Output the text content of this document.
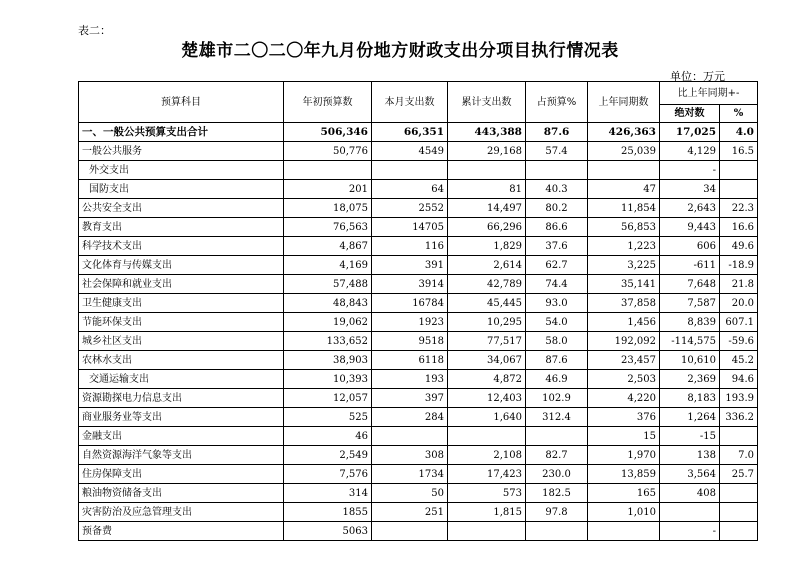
表二：
楚雄市二〇二〇年九月份地方财政支出分项目执行情况表
单位：万元
预算科目	年初预算数	本月支出数	累计支出数	占预算%	上年同期数	比上年同期+-	
						绝对数	%
一、一般公共预算支出合计	506,346	66,351	443,388	87.6	426,363	17,025	4.0
一般公共服务	50,776	4549	29,168	57.4	25,039	4,129	16.5
外交支出						-	
国防支出	201	64	81	40.3	47	34	
公共安全支出	18,075	2552	14,497	80.2	11,854	2,643	22.3
教育支出	76,563	14705	66,296	86.6	56,853	9,443	16.6
科学技术支出	4,867	116	1,829	37.6	1,223	606	49.6
文化体育与传媒支出	4,169	391	2,614	62.7	3,225	-611	-18.9
社会保障和就业支出	57,488	3914	42,789	74.4	35,141	7,648	21.8
卫生健康支出	48,843	16784	45,445	93.0	37,858	7,587	20.0
节能环保支出	19,062	1923	10,295	54.0	1,456	8,839	607.1
城乡社区支出	133,652	9518	77,517	58.0	192,092	-114,575	-59.6
农林水支出	38,903	6118	34,067	87.6	23,457	10,610	45.2
交通运输支出	10,393	193	4,872	46.9	2,503	2,369	94.6
资源勘探电力信息支出	12,057	397	12,403	102.9	4,220	8,183	193.9
商业服务业等支出	525	284	1,640	312.4	376	1,264	336.2
金融支出	46				15	-15	
自然资源海洋气象等支出	2,549	308	2,108	82.7	1,970	138	7.0
住房保障支出	7,576	1734	17,423	230.0	13,859	3,564	25.7
粮油物资储备支出	314	50	573	182.5	165	408	
灾害防治及应急管理支出	1855	251	1,815	97.8	1,010		
预备费	5063					-	
